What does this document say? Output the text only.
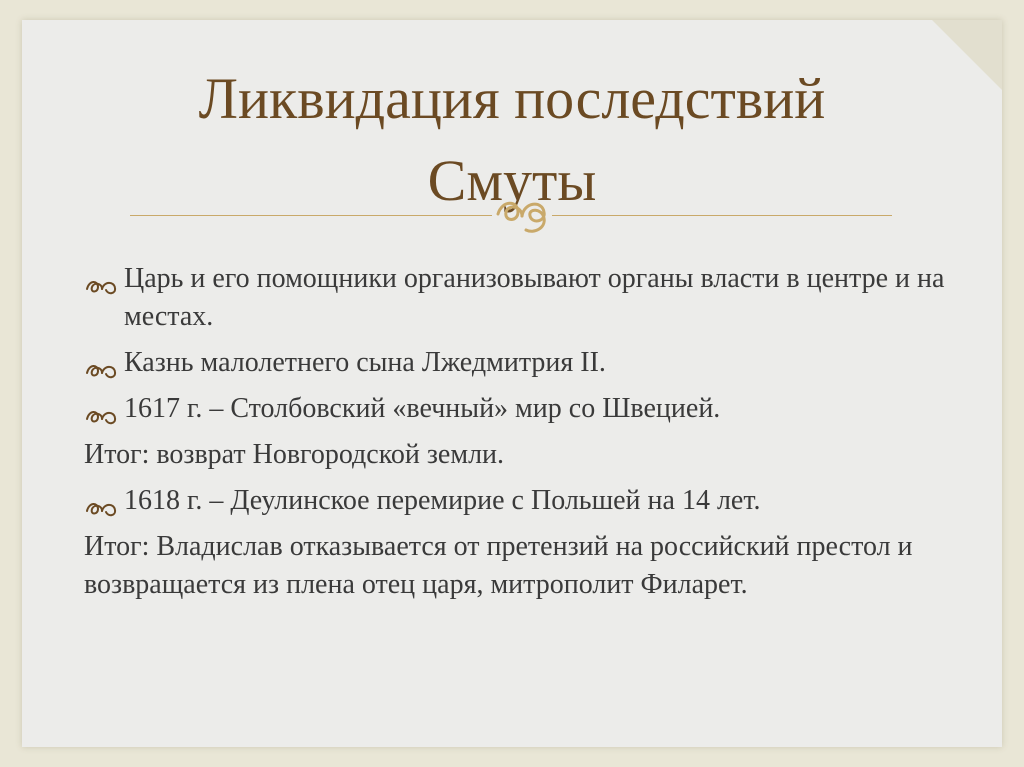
Ликвидация последствий
Смуты
Царь и его помощники организовывают органы власти в центре и на местах.
Казнь малолетнего сына Лжедмитрия II.
1617 г. – Столбовский «вечный» мир со Швецией.
Итог: возврат Новгородской земли.
1618 г. – Деулинское перемирие с Польшей на 14 лет.
Итог: Владислав отказывается от претензий на российский престол и возвращается из плена отец царя, митрополит Филарет.
